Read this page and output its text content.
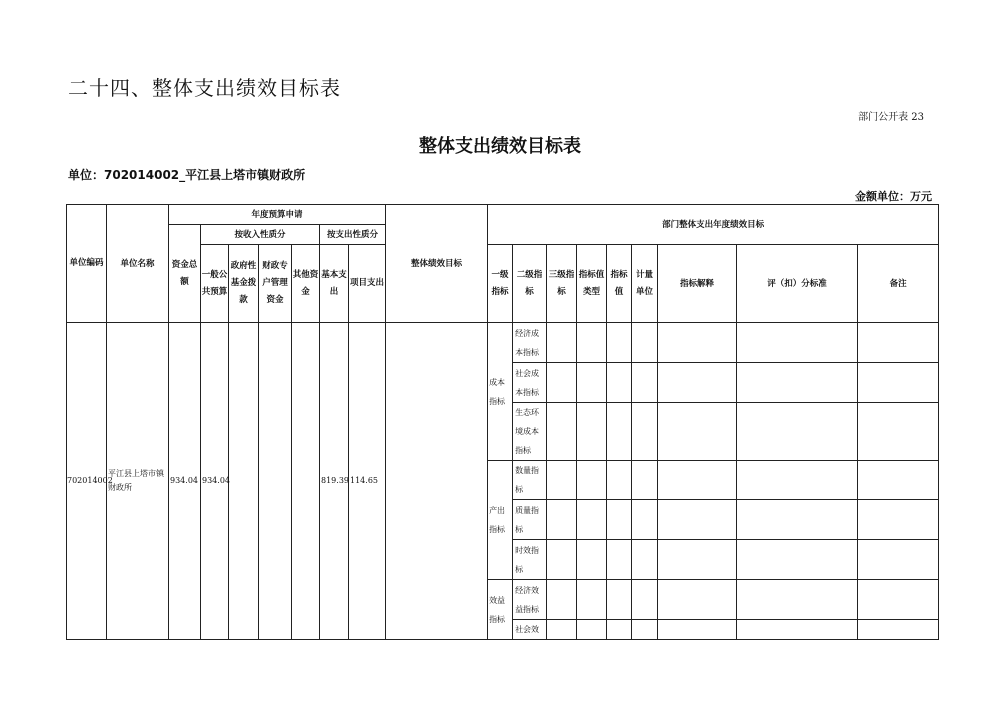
二十四、整体支出绩效目标表
部门公开表 23
整体支出绩效目标表
单位：702014002_平江县上塔市镇财政所
金额单位：万元
单位编码	单位名称	年度预算申请							整体绩效目标	部门整体支出年度绩效目标								
		资金总额	按收入性质分				按支出性质分											
			一般公共预算	政府性基金拨款	财政专户管理资金	其他资金	基本支出	项目支出		一级指标	二级指标	三级指标	指标值类型	指标值	计量单位	指标解释	评（扣）分标准	备注

702014002	平江县上塔市镇财政所	934.04	934.04				819.39	114.65		成本指标	经济成本指标							
											社会成本指标							
											生态环境成本指标							
										产出指标	数量指标							
											质量指标							
											时效指标							
										效益指标	经济效益指标							
											社会效							
